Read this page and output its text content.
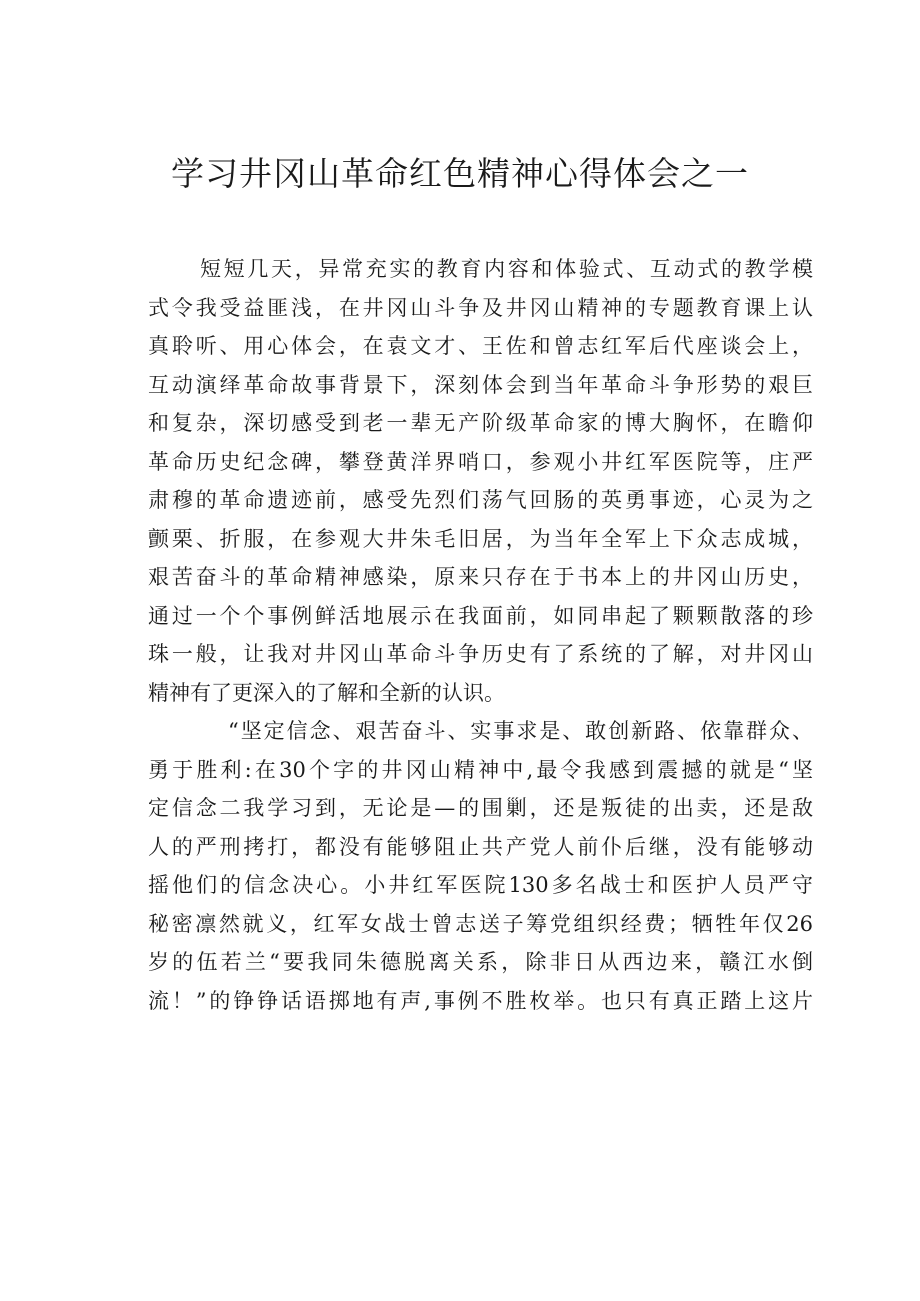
学习井冈山革命红色精神心得体会之一
短短几天，异常充实的教育内容和体验式、互动式的教学模
式令我受益匪浅，在井冈山斗争及井冈山精神的专题教育课上认
真聆听、用心体会，在袁文才、王佐和曾志红军后代座谈会上，
互动演绎革命故事背景下，深刻体会到当年革命斗争形势的艰巨
和复杂，深切感受到老一辈无产阶级革命家的博大胸怀，在瞻仰
革命历史纪念碑，攀登黄洋界哨口，参观小井红军医院等，庄严
肃穆的革命遗迹前，感受先烈们荡气回肠的英勇事迹，心灵为之
颤栗、折服，在参观大井朱毛旧居，为当年全军上下众志成城，
艰苦奋斗的革命精神感染，原来只存在于书本上的井冈山历史，
通过一个个事例鲜活地展示在我面前，如同串起了颗颗散落的珍
珠一般，让我对井冈山革命斗争历史有了系统的了解，对井冈山
精神有了更深入的了解和全新的认识。
“坚定信念、艰苦奋斗、实事求是、敢创新路、依靠群众、
勇于胜利:在30个字的井冈山精神中,最令我感到震撼的就是“坚
定信念二我学习到，无论是—的围剿，还是叛徒的出卖，还是敌
人的严刑拷打，都没有能够阻止共产党人前仆后继，没有能够动
摇他们的信念决心。小井红军医院130多名战士和医护人员严守
秘密凛然就义，红军女战士曾志送子筹党组织经费；牺牲年仅26
岁的伍若兰“要我同朱德脱离关系，除非日从西边来，赣江水倒
流！”的铮铮话语掷地有声,事例不胜枚举。也只有真正踏上这片
